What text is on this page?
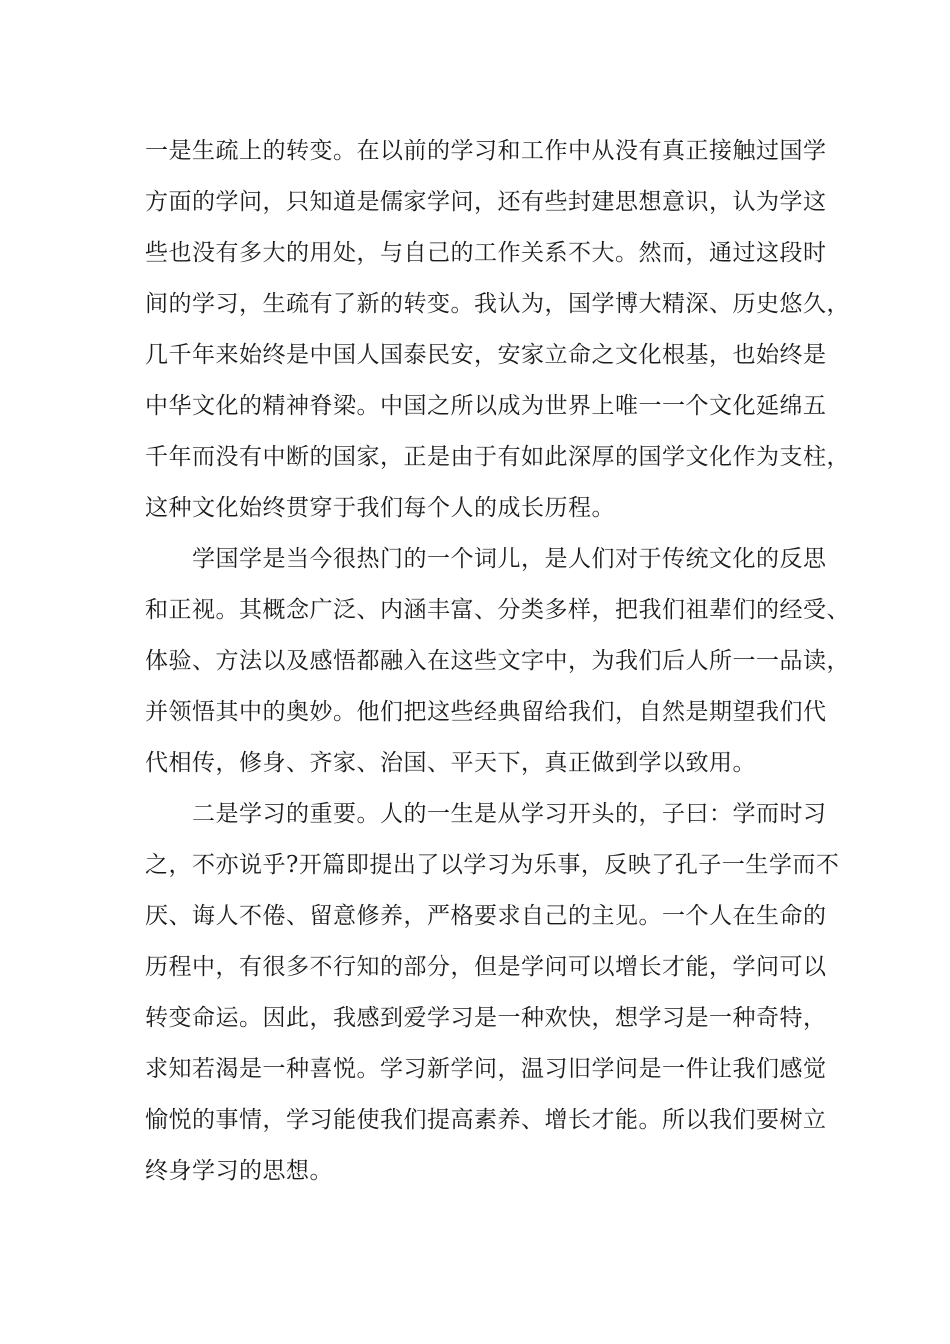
一是生疏上的转变。在以前的学习和工作中从没有真正接触过国学
方面的学问，只知道是儒家学问，还有些封建思想意识，认为学这
些也没有多大的用处，与自己的工作关系不大。然而，通过这段时
间的学习，生疏有了新的转变。我认为，国学博大精深、历史悠久，
几千年来始终是中国人国泰民安，安家立命之文化根基，也始终是
中华文化的精神脊梁。中国之所以成为世界上唯一一个文化延绵五
千年而没有中断的国家，正是由于有如此深厚的国学文化作为支柱，
这种文化始终贯穿于我们每个人的成长历程。
学国学是当今很热门的一个词儿，是人们对于传统文化的反思
和正视。其概念广泛、内涵丰富、分类多样，把我们祖辈们的经受、
体验、方法以及感悟都融入在这些文字中，为我们后人所一一品读，
并领悟其中的奥妙。他们把这些经典留给我们，自然是期望我们代
代相传，修身、齐家、治国、平天下，真正做到学以致用。
二是学习的重要。人的一生是从学习开头的，子曰：学而时习
之，不亦说乎?开篇即提出了以学习为乐事，反映了孔子一生学而不
厌、诲人不倦、留意修养，严格要求自己的主见。一个人在生命的
历程中，有很多不行知的部分，但是学问可以增长才能，学问可以
转变命运。因此，我感到爱学习是一种欢快，想学习是一种奇特，
求知若渴是一种喜悦。学习新学问，温习旧学问是一件让我们感觉
愉悦的事情，学习能使我们提高素养、增长才能。所以我们要树立
终身学习的思想。
